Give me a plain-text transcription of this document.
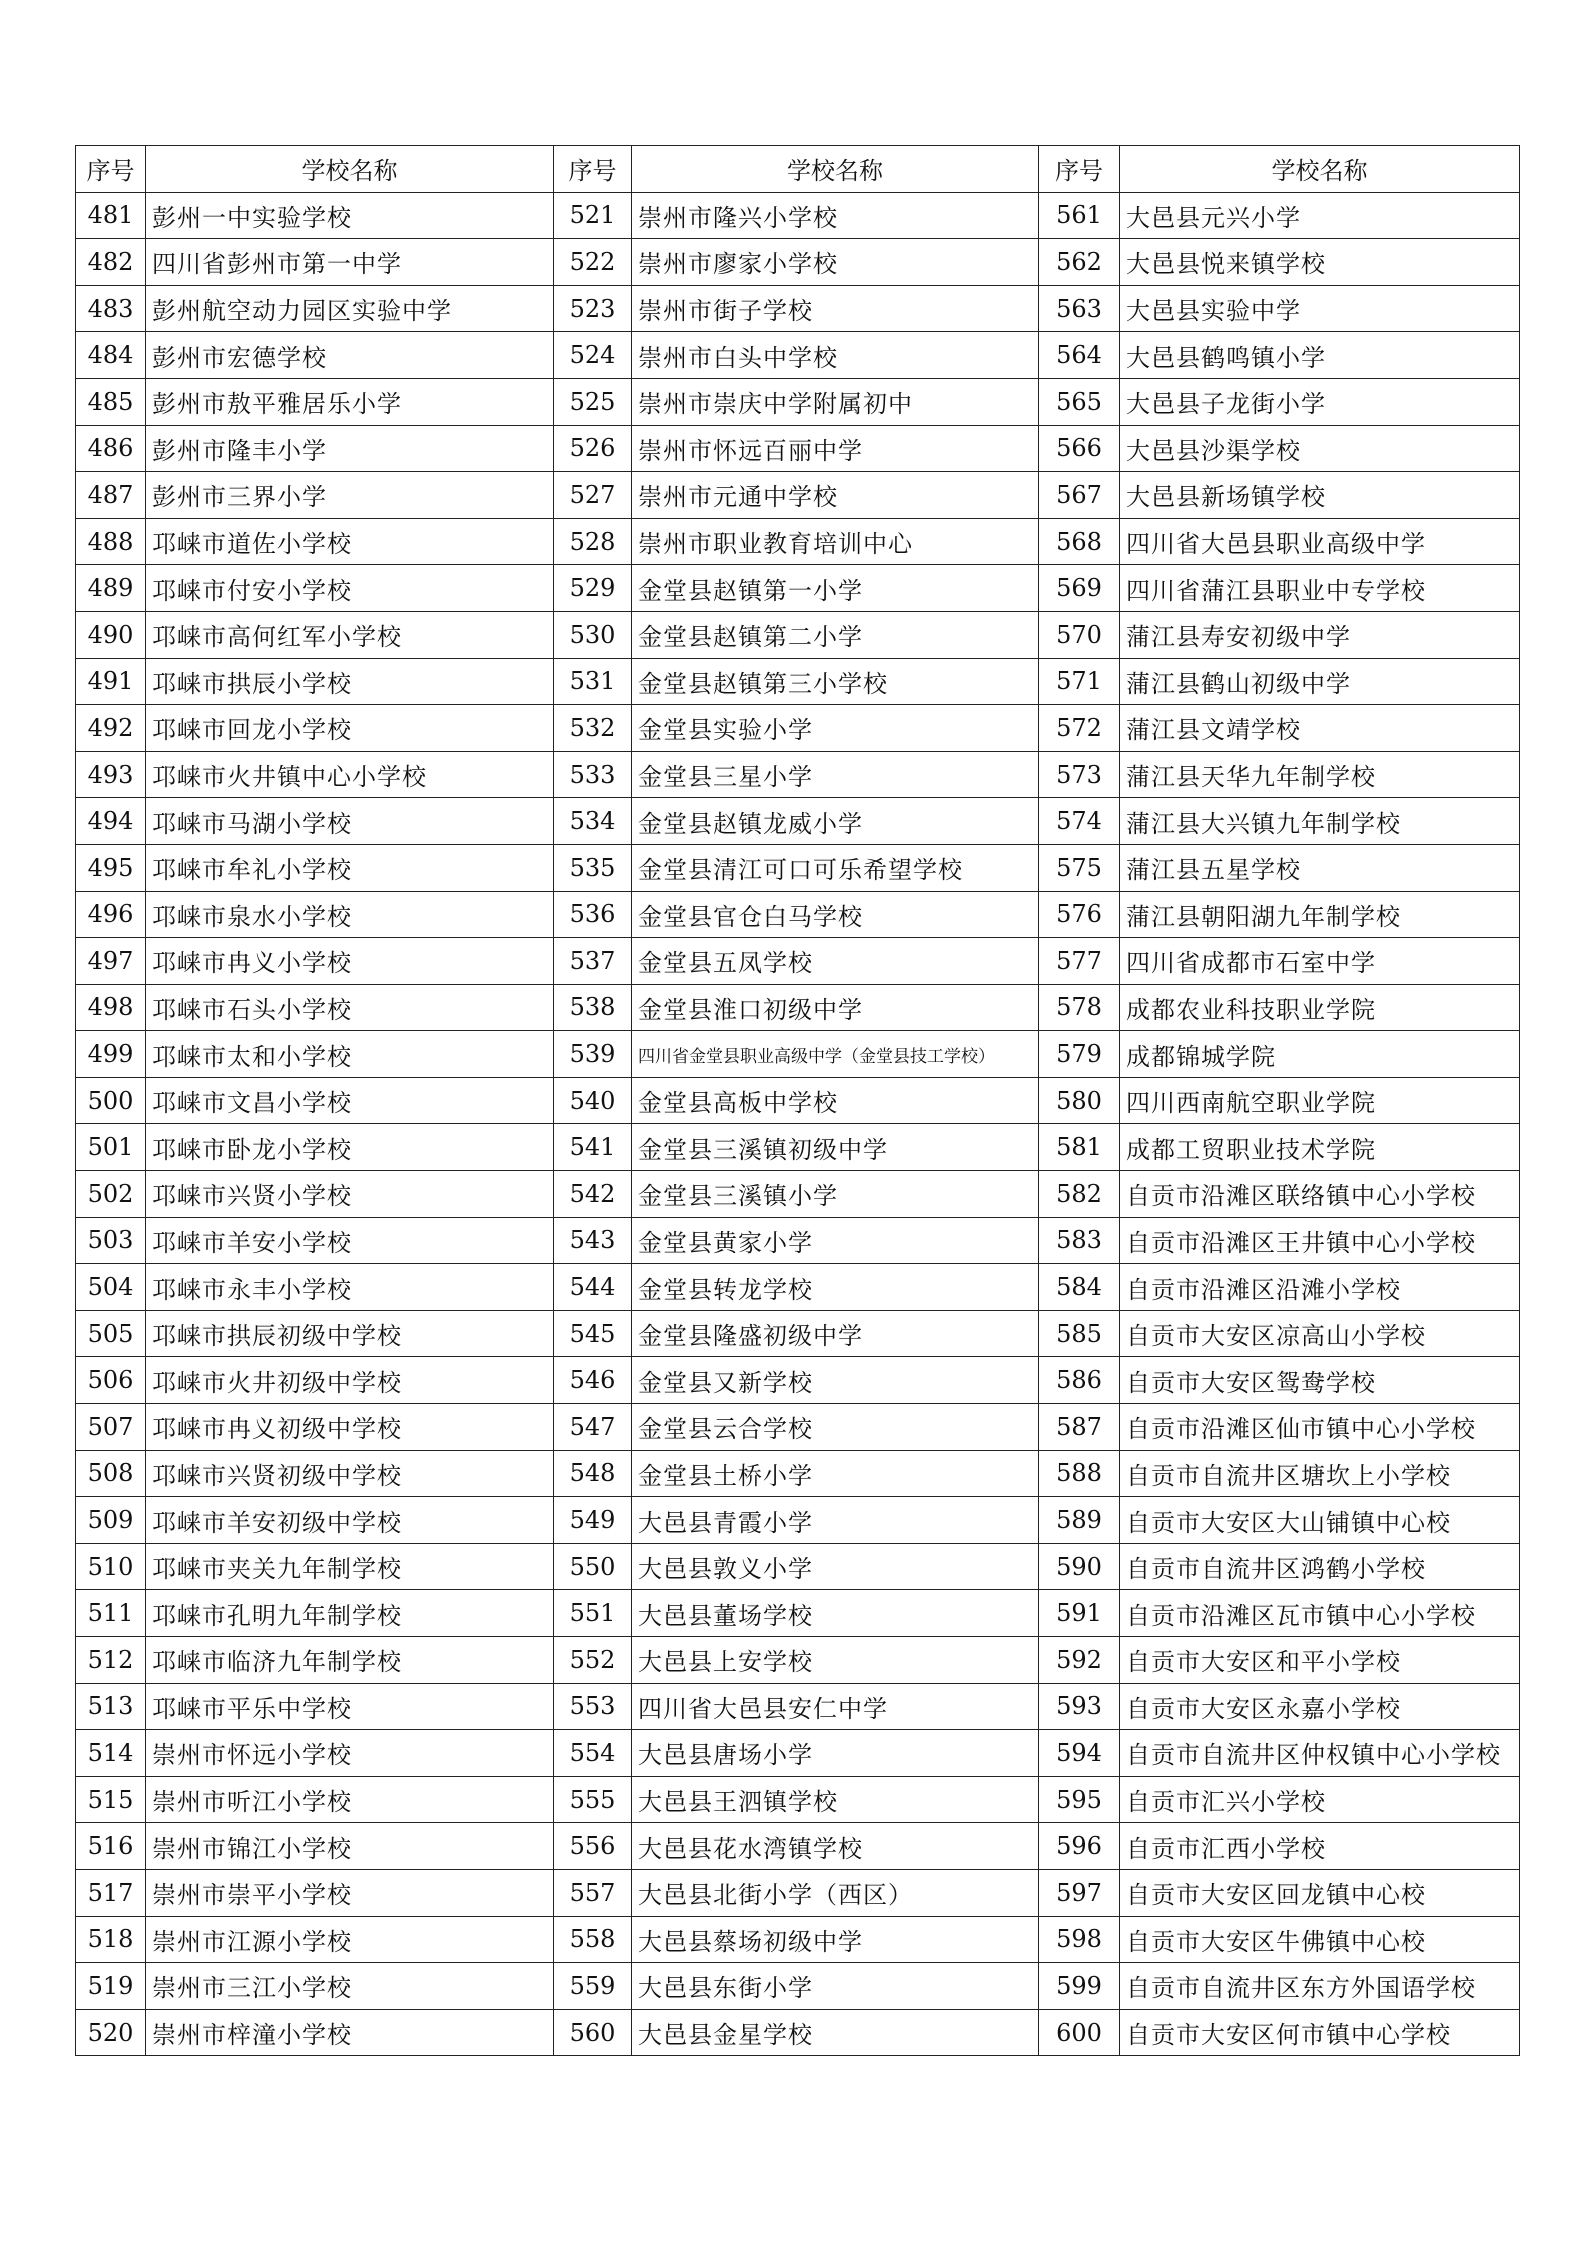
序号	学校名称	序号	学校名称	序号	学校名称
481	彭州一中实验学校	521	崇州市隆兴小学校	561	大邑县元兴小学
482	四川省彭州市第一中学	522	崇州市廖家小学校	562	大邑县悦来镇学校
483	彭州航空动力园区实验中学	523	崇州市街子学校	563	大邑县实验中学
484	彭州市宏德学校	524	崇州市白头中学校	564	大邑县鹤鸣镇小学
485	彭州市敖平雅居乐小学	525	崇州市崇庆中学附属初中	565	大邑县子龙街小学
486	彭州市隆丰小学	526	崇州市怀远百丽中学	566	大邑县沙渠学校
487	彭州市三界小学	527	崇州市元通中学校	567	大邑县新场镇学校
488	邛崃市道佐小学校	528	崇州市职业教育培训中心	568	四川省大邑县职业高级中学
489	邛崃市付安小学校	529	金堂县赵镇第一小学	569	四川省蒲江县职业中专学校
490	邛崃市高何红军小学校	530	金堂县赵镇第二小学	570	蒲江县寿安初级中学
491	邛崃市拱辰小学校	531	金堂县赵镇第三小学校	571	蒲江县鹤山初级中学
492	邛崃市回龙小学校	532	金堂县实验小学	572	蒲江县文靖学校
493	邛崃市火井镇中心小学校	533	金堂县三星小学	573	蒲江县天华九年制学校
494	邛崃市马湖小学校	534	金堂县赵镇龙威小学	574	蒲江县大兴镇九年制学校
495	邛崃市牟礼小学校	535	金堂县清江可口可乐希望学校	575	蒲江县五星学校
496	邛崃市泉水小学校	536	金堂县官仓白马学校	576	蒲江县朝阳湖九年制学校
497	邛崃市冉义小学校	537	金堂县五凤学校	577	四川省成都市石室中学
498	邛崃市石头小学校	538	金堂县淮口初级中学	578	成都农业科技职业学院
499	邛崃市太和小学校	539	四川省金堂县职业高级中学（金堂县技工学校）	579	成都锦城学院
500	邛崃市文昌小学校	540	金堂县高板中学校	580	四川西南航空职业学院
501	邛崃市卧龙小学校	541	金堂县三溪镇初级中学	581	成都工贸职业技术学院
502	邛崃市兴贤小学校	542	金堂县三溪镇小学	582	自贡市沿滩区联络镇中心小学校
503	邛崃市羊安小学校	543	金堂县黄家小学	583	自贡市沿滩区王井镇中心小学校
504	邛崃市永丰小学校	544	金堂县转龙学校	584	自贡市沿滩区沿滩小学校
505	邛崃市拱辰初级中学校	545	金堂县隆盛初级中学	585	自贡市大安区凉高山小学校
506	邛崃市火井初级中学校	546	金堂县又新学校	586	自贡市大安区鸳鸯学校
507	邛崃市冉义初级中学校	547	金堂县云合学校	587	自贡市沿滩区仙市镇中心小学校
508	邛崃市兴贤初级中学校	548	金堂县土桥小学	588	自贡市自流井区塘坎上小学校
509	邛崃市羊安初级中学校	549	大邑县青霞小学	589	自贡市大安区大山铺镇中心校
510	邛崃市夹关九年制学校	550	大邑县敦义小学	590	自贡市自流井区鸿鹤小学校
511	邛崃市孔明九年制学校	551	大邑县董场学校	591	自贡市沿滩区瓦市镇中心小学校
512	邛崃市临济九年制学校	552	大邑县上安学校	592	自贡市大安区和平小学校
513	邛崃市平乐中学校	553	四川省大邑县安仁中学	593	自贡市大安区永嘉小学校
514	崇州市怀远小学校	554	大邑县唐场小学	594	自贡市自流井区仲权镇中心小学校
515	崇州市听江小学校	555	大邑县王泗镇学校	595	自贡市汇兴小学校
516	崇州市锦江小学校	556	大邑县花水湾镇学校	596	自贡市汇西小学校
517	崇州市崇平小学校	557	大邑县北街小学（西区）	597	自贡市大安区回龙镇中心校
518	崇州市江源小学校	558	大邑县蔡场初级中学	598	自贡市大安区牛佛镇中心校
519	崇州市三江小学校	559	大邑县东街小学	599	自贡市自流井区东方外国语学校
520	崇州市梓潼小学校	560	大邑县金星学校	600	自贡市大安区何市镇中心学校
